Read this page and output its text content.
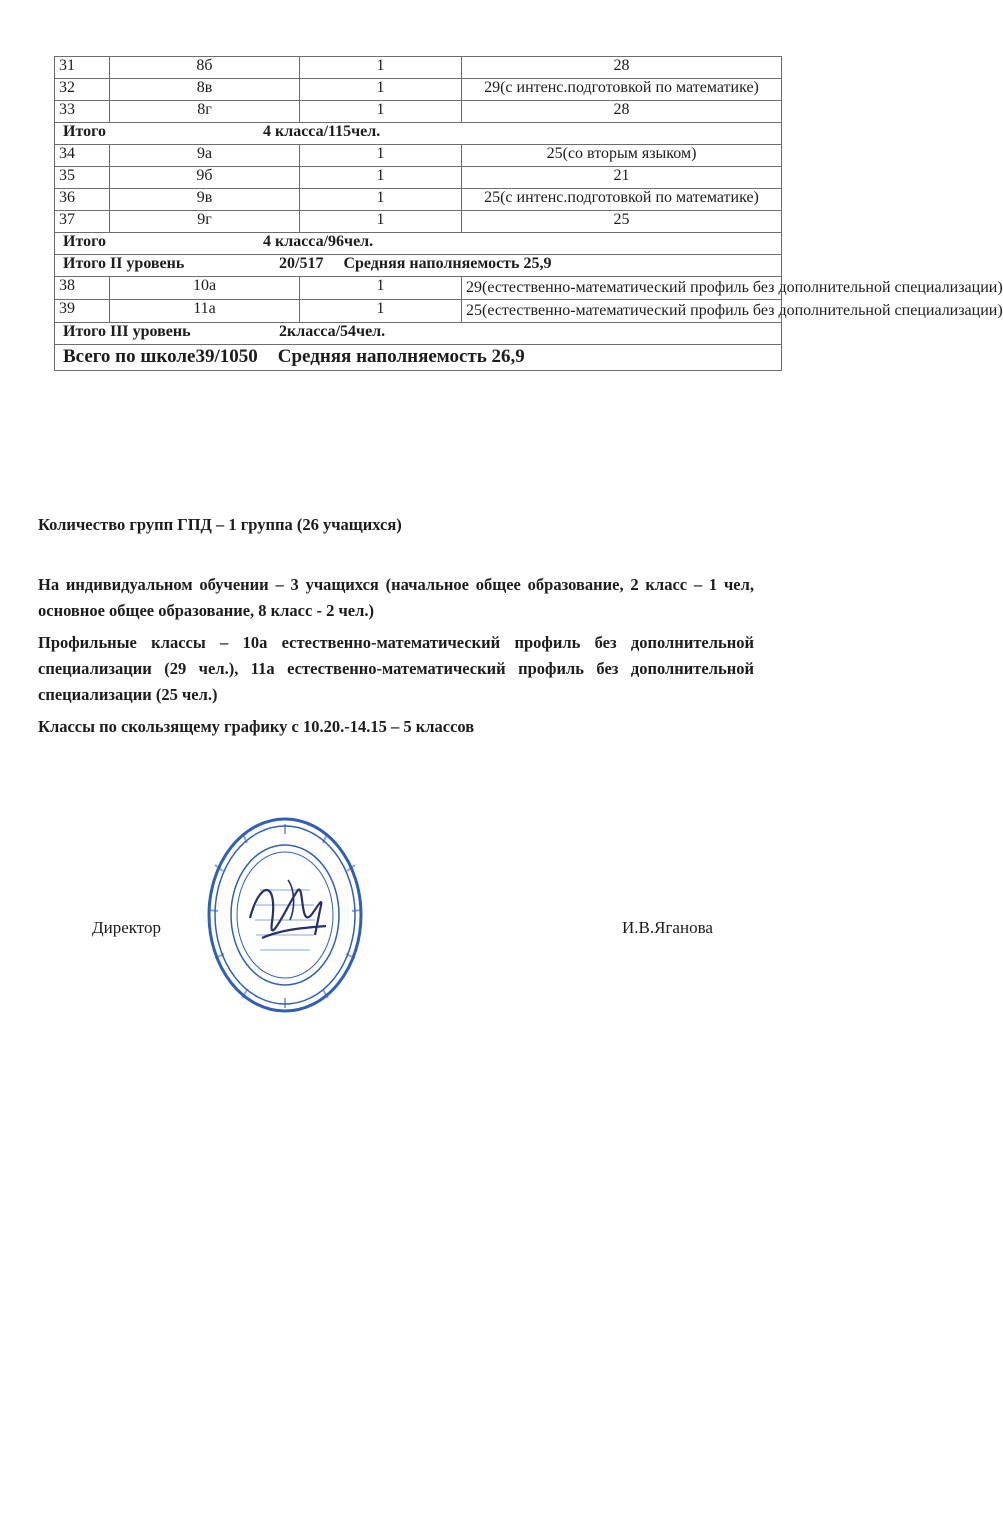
31	8б	1	28
32	8в	1	29(с интенс.подготовкой по математике)
33	8г	1	28
Итого 4 класса/115чел.			
34	9а	1	25(со вторым языком)
35	9б	1	21
36	9в	1	25(с интенс.подготовкой по математике)
37	9г	1	25
Итого 4 класса/96чел.			
Итого II уровень 20/517 Средняя наполняемость 25,9			
38	10а	1	29(естественно-математический профиль без дополнительной специализации)
39	11а	1	25(естественно-математический профиль без дополнительной специализации)
Итого III уровень 2класса/54чел.			
Всего по школе39/1050 Средняя наполняемость 26,9			
Количество групп ГПД – 1 группа (26 учащихся)
На индивидуальном обучении – 3 учащихся (начальное общее образование, 2 класс – 1 чел, основное общее образование, 8 класс - 2 чел.)
Профильные классы – 10а естественно-математический профиль без дополнительной специализации (29 чел.), 11а естественно-математический профиль без дополнительной специализации (25 чел.)
Классы по скользящему графику с 10.20.-14.15 – 5 классов
Директор	И.В.Яганова
